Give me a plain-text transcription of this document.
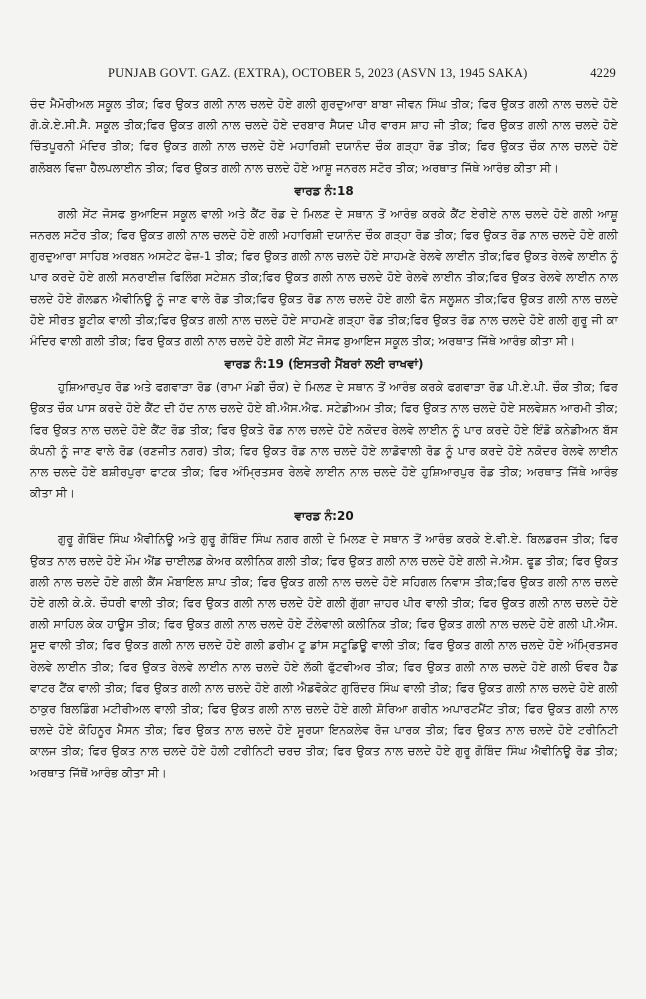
PUNJAB GOVT. GAZ. (EXTRA), OCTOBER 5, 2023 (ASVN 13, 1945 SAKA)	4229

ਚੰਦ ਮੈਮੋਰੀਅਲ ਸਕੂਲ ਤੀਕ; ਫਿਰ ਉਕਤ ਗਲੀ ਨਾਲ ਚਲਦੇ ਹੋਏ ਗਲੀ ਗੁਰਦੁਆਰਾ ਬਾਬਾ ਜੀਵਨ ਸਿੰਘ ਤੀਕ; ਫਿਰ ਉਕਤ ਗਲੀ ਨਾਲ ਚਲਦੇ ਹੋਏ ਗੋ.ਕੇ.ਏ.ਸੀ.ਸੈ. ਸਕੂਲ ਤੀਕ;ਫਿਰ ਉਕਤ ਗਲੀ ਨਾਲ ਚਲਦੇ ਹੋਏ ਦਰਬਾਰ ਸੈਯਦ ਪੀਰ ਵਾਰਸ ਸ਼ਾਹ ਜੀ ਤੀਕ; ਫਿਰ ਉਕਤ ਗਲੀ ਨਾਲ ਚਲਦੇ ਹੋਏ ਚਿੰਤਪੂਰਨੀ ਮੰਦਿਰ ਤੀਕ; ਫਿਰ ਉਕਤ ਗਲੀ ਨਾਲ ਚਲਦੇ ਹੋਏ ਮਹਾਰਿਸ਼ੀ ਦਯਾਨੰਦ ਚੌਕ ਗੜ੍ਹਾ ਰੋਡ ਤੀਕ; ਫਿਰ ਉਕਤ ਚੌਕ ਨਾਲ ਚਲਦੇ ਹੋਏ ਗਲੋਬਲ ਵਿਜ਼ਾ ਹੈਲਪਲਾਈਨ ਤੀਕ; ਫਿਰ ਉਕਤ ਗਲੀ ਨਾਲ ਚਲਦੇ ਹੋਏ ਆਸ਼ੂ ਜਨਰਲ ਸਟੋਰ ਤੀਕ; ਅਰਥਾਤ ਜਿੱਥੇ ਆਰੰਭ ਕੀਤਾ ਸੀ।

ਵਾਰਡ ਨੰ:18

ਗਲੀ ਸੇਂਟ ਜੋਸਫ ਬੁਆਇਜ ਸਕੂਲ ਵਾਲੀ ਅਤੇ ਕੈਂਟ ਰੋਡ ਦੇ ਮਿਲਣ ਦੇ ਸਥਾਨ ਤੋਂ ਆਰੰਭ ਕਰਕੇ ਕੈਂਟ ਏਰੀਏ ਨਾਲ ਚਲਦੇ ਹੋਏ ਗਲੀ ਆਸ਼ੂ ਜਨਰਲ ਸਟੋਰ ਤੀਕ; ਫਿਰ ਉਕਤ ਗਲੀ ਨਾਲ ਚਲਦੇ ਹੋਏ ਗਲੀ ਮਹਾਰਿਸ਼ੀ ਦਯਾਨੰਦ ਚੌਕ ਗੜ੍ਹਾ ਰੋਡ ਤੀਕ; ਫਿਰ ਉਕਤ ਰੋਡ ਨਾਲ ਚਲਦੇ ਹੋਏ ਗਲੀ ਗੁਰਦੁਆਰਾ ਸਾਹਿਬ ਅਰਬਨ ਅਸਟੇਟ ਫੇਜ਼-1 ਤੀਕ; ਫਿਰ ਉਕਤ ਗਲੀ ਨਾਲ ਚਲਦੇ ਹੋਏ ਸਾਹਮਣੇ ਰੇਲਵੇ ਲਾਈਨ ਤੀਕ;ਫਿਰ ਉਕਤ ਰੇਲਵੇ ਲਾਈਨ ਨੂੰ ਪਾਰ ਕਰਦੇ ਹੋਏ ਗਲੀ ਸਨਰਾਈਜ਼ ਫਿਲਿੰਗ ਸਟੇਸ਼ਨ ਤੀਕ;ਫਿਰ ਉਕਤ ਗਲੀ ਨਾਲ ਚਲਦੇ ਹੋਏ ਰੇਲਵੇ ਲਾਈਨ ਤੀਕ;ਫਿਰ ਉਕਤ ਰੇਲਵੇ ਲਾਈਨ ਨਾਲ ਚਲਦੇ ਹੋਏ ਗੋਲਡਨ ਐਵੀਨਿਊ ਨੂੰ ਜਾਣ ਵਾਲੇ ਰੋਡ ਤੀਕ;ਫਿਰ ਉਕਤ ਰੋਡ ਨਾਲ ਚਲਦੇ ਹੋਏ ਗਲੀ ਫੋਨ ਸਲੂਸ਼ਨ ਤੀਕ;ਫਿਰ ਉਕਤ ਗਲੀ ਨਾਲ ਚਲਦੇ ਹੋਏ ਸੀਰਤ ਬੂਟੀਕ ਵਾਲੀ ਤੀਕ;ਫਿਰ ਉਕਤ ਗਲੀ ਨਾਲ ਚਲਦੇ ਹੋਏ ਸਾਹਮਣੇ ਗੜ੍ਹਾ ਰੋਡ ਤੀਕ;ਫਿਰ ਉਕਤ ਰੋਡ ਨਾਲ ਚਲਦੇ ਹੋਏ ਗਲੀ ਗੁਰੂ ਜੀ ਕਾ ਮੰਦਿਰ ਵਾਲੀ ਗਲੀ ਤੀਕ; ਫਿਰ ਉਕਤ ਗਲੀ ਨਾਲ ਚਲਦੇ ਹੋਏ ਗਲੀ ਸੇਂਟ ਜੋਸਫ ਬੁਆਇਜ ਸਕੂਲ ਤੀਕ; ਅਰਥਾਤ ਜਿੱਥੇ ਆਰੰਭ ਕੀਤਾ ਸੀ।

ਵਾਰਡ ਨੰ:19 (ਇਸਤਰੀ ਮੈਂਬਰਾਂ ਲਈ ਰਾਖਵਾਂ)

ਹੁਸ਼ਿਆਰਪੁਰ ਰੋਡ ਅਤੇ ਫਗਵਾੜਾ ਰੋਡ (ਰਾਮਾ ਮੰਡੀ ਚੌਕ) ਦੇ ਮਿਲਣ ਦੇ ਸਥਾਨ ਤੋਂ ਆਰੰਭ ਕਰਕੇ ਫਗਵਾੜਾ ਰੋਡ ਪੀ.ਏ.ਪੀ. ਚੌਕ ਤੀਕ; ਫਿਰ ਉਕਤ ਚੌਕ ਪਾਸ ਕਰਦੇ ਹੋਏ ਕੈਂਟ ਦੀ ਹੱਦ ਨਾਲ ਚਲਦੇ ਹੋਏ ਬੀ.ਐਸ.ਐਫ. ਸਟੇਡੀਅਮ ਤੀਕ; ਫਿਰ ਉਕਤ ਨਾਲ ਚਲਦੇ ਹੋਏ ਸਲਵੇਸ਼ਨ ਆਰਮੀ ਤੀਕ; ਫਿਰ ਉਕਤ ਨਾਲ ਚਲਦੇ ਹੋਏ ਕੈਂਟ ਰੋਡ ਤੀਕ; ਫਿਰ ਉਕਤੇ ਰੋਡ ਨਾਲ ਚਲਦੇ ਹੋਏ ਨਕੋਦਰ ਰੇਲਵੇ ਲਾਈਨ ਨੂੰ ਪਾਰ ਕਰਦੇ ਹੋਏ ਇੰਡੋ ਕਨੇਡੀਅਨ ਬੱਸ ਕੰਪਨੀ ਨੂੰ ਜਾਣ ਵਾਲੇ ਰੋਡ (ਰਣਜੀਤ ਨਗਰ) ਤੀਕ; ਫਿਰ ਉਕਤ ਰੋਡ ਨਾਲ ਚਲਦੇ ਹੋਏ ਲਾਡੋਵਾਲੀ ਰੋਡ ਨੂੰ ਪਾਰ ਕਰਦੇ ਹੋਏ ਨਕੋਦਰ ਰੇਲਵੇ ਲਾਈਨ ਨਾਲ ਚਲਦੇ ਹੋਏ ਬਸ਼ੀਰਪੁਰਾ ਫਾਟਕ ਤੀਕ; ਫਿਰ ਅੰਮ੍ਰਿਤਸਰ ਰੇਲਵੇ ਲਾਈਨ ਨਾਲ ਚਲਦੇ ਹੋਏ ਹੁਸ਼ਿਆਰਪੁਰ ਰੋਡ ਤੀਕ; ਅਰਥਾਤ ਜਿੱਥੇ ਆਰੰਭ ਕੀਤਾ ਸੀ।

ਵਾਰਡ ਨੰ:20

ਗੁਰੂ ਗੋਬਿੰਦ ਸਿੰਘ ਐਵੀਨਿਊ ਅਤੇ ਗੁਰੂ ਗੋਬਿੰਦ ਸਿੰਘ ਨਗਰ ਗਲੀ ਦੇ ਮਿਲਣ ਦੇ ਸਥਾਨ ਤੋਂ ਆਰੰਭ ਕਰਕੇ ਏ.ਵੀ.ਏ. ਬਿਲਡਰਜ ਤੀਕ; ਫਿਰ ਉਕਤ ਨਾਲ ਚਲਦੇ ਹੋਏ ਮੌਮ ਐਂਡ ਚਾਈਲਡ ਕੇਅਰ ਕਲੀਨਿਕ ਗਲੀ ਤੀਕ; ਫਿਰ ਉਕਤ ਗਲੀ ਨਾਲ ਚਲਦੇ ਹੋਏ ਗਲੀ ਜੇ.ਐਸ. ਫੂਡ ਤੀਕ; ਫਿਰ ਉਕਤ ਗਲੀ ਨਾਲ ਚਲਦੇ ਹੋਏ ਗਲੀ ਕੈਂਸ ਮੋਬਾਇਲ ਸ਼ਾਪ ਤੀਕ; ਫਿਰ ਉਕਤ ਗਲੀ ਨਾਲ ਚਲਦੇ ਹੋਏ ਸਹਿਗਲ ਨਿਵਾਸ ਤੀਕ;ਫਿਰ ਉਕਤ ਗਲੀ ਨਾਲ ਚਲਦੇ ਹੋਏ ਗਲੀ ਕੇ.ਕੇ. ਚੌਧਰੀ ਵਾਲੀ ਤੀਕ; ਫਿਰ ਉਕਤ ਗਲੀ ਨਾਲ ਚਲਦੇ ਹੋਏ ਗਲੀ ਗੁੱਗਾ ਜ਼ਾਹਰ ਪੀਰ ਵਾਲੀ ਤੀਕ; ਫਿਰ ਉਕਤ ਗਲੀ ਨਾਲ ਚਲਦੇ ਹੋਏ ਗਲੀ ਸਾਹਿਲ ਕੇਕ ਹਾਊਸ ਤੀਕ; ਫਿਰ ਉਕਤ ਗਲੀ ਨਾਲ ਚਲਦੇ ਹੋਏ ਟੌਲੇਵਾਲੀ ਕਲੀਨਿਕ ਤੀਕ; ਫਿਰ ਉਕਤ ਗਲੀ ਨਾਲ ਚਲਦੇ ਹੋਏ ਗਲੀ ਪੀ.ਐਸ. ਸੂਦ ਵਾਲੀ ਤੀਕ; ਫਿਰ ਉਕਤ ਗਲੀ ਨਾਲ ਚਲਦੇ ਹੋਏ ਗਲੀ ਡਰੀਮ ਟੂ ਡਾਂਸ ਸਟੂਡਿਊ ਵਾਲੀ ਤੀਕ; ਫਿਰ ਉਕਤ ਗਲੀ ਨਾਲ ਚਲਦੇ ਹੋਏ ਅੰਮ੍ਰਿਤਸਰ ਰੇਲਵੇ ਲਾਈਨ ਤੀਕ; ਫਿਰ ਉਕਤ ਰੇਲਵੇ ਲਾਈਨ ਨਾਲ ਚਲਦੇ ਹੋਏ ਲੱਕੀ ਫੁੱਟਵੀਅਰ ਤੀਕ; ਫਿਰ ਉਕਤ ਗਲੀ ਨਾਲ ਚਲਦੇ ਹੋਏ ਗਲੀ ਓਵਰ ਹੈਡ ਵਾਟਰ ਟੈਂਕ ਵਾਲੀ ਤੀਕ; ਫਿਰ ਉਕਤ ਗਲੀ ਨਾਲ ਚਲਦੇ ਹੋਏ ਗਲੀ ਐਡਵੋਕੇਟ ਗੁਰਿੰਦਰ ਸਿੰਘ ਵਾਲੀ ਤੀਕ; ਫਿਰ ਉਕਤ ਗਲੀ ਨਾਲ ਚਲਦੇ ਹੋਏ ਗਲੀ ਠਾਕੁਰ ਬਿਲਡਿੰਗ ਮਟੀਰੀਅਲ ਵਾਲੀ ਤੀਕ; ਫਿਰ ਉਕਤ ਗਲੀ ਨਾਲ ਚਲਦੇ ਹੋਏ ਗਲੀ ਸ਼ੋਰਿਆ ਗਰੀਨ ਅਪਾਰਟਮੈਂਟ ਤੀਕ; ਫਿਰ ਉਕਤ ਗਲੀ ਨਾਲ ਚਲਦੇ ਹੋਏ ਕੋਹਿਨੂਰ ਮੈਸਨ ਤੀਕ; ਫਿਰ ਉਕਤ ਨਾਲ ਚਲਦੇ ਹੋਏ ਸੂਰਯਾ ਇਨਕਲੇਵ ਰੋਜ਼ ਪਾਰਕ ਤੀਕ; ਫਿਰ ਉਕਤ ਨਾਲ ਚਲਦੇ ਹੋਏ ਟਰੀਨਿਟੀ ਕਾਲਜ ਤੀਕ; ਫਿਰ ਉਕਤ ਨਾਲ ਚਲਦੇ ਹੋਏ ਹੋਲੀ ਟਰੀਨਿਟੀ ਚਰਚ ਤੀਕ; ਫਿਰ ਉਕਤ ਨਾਲ ਚਲਦੇ ਹੋਏ ਗੁਰੂ ਗੋਬਿੰਦ ਸਿੰਘ ਐਵੀਨਿਊ ਰੋਡ ਤੀਕ; ਅਰਥਾਤ ਜਿੱਥੋਂ ਆਰੰਭ ਕੀਤਾ ਸੀ।
